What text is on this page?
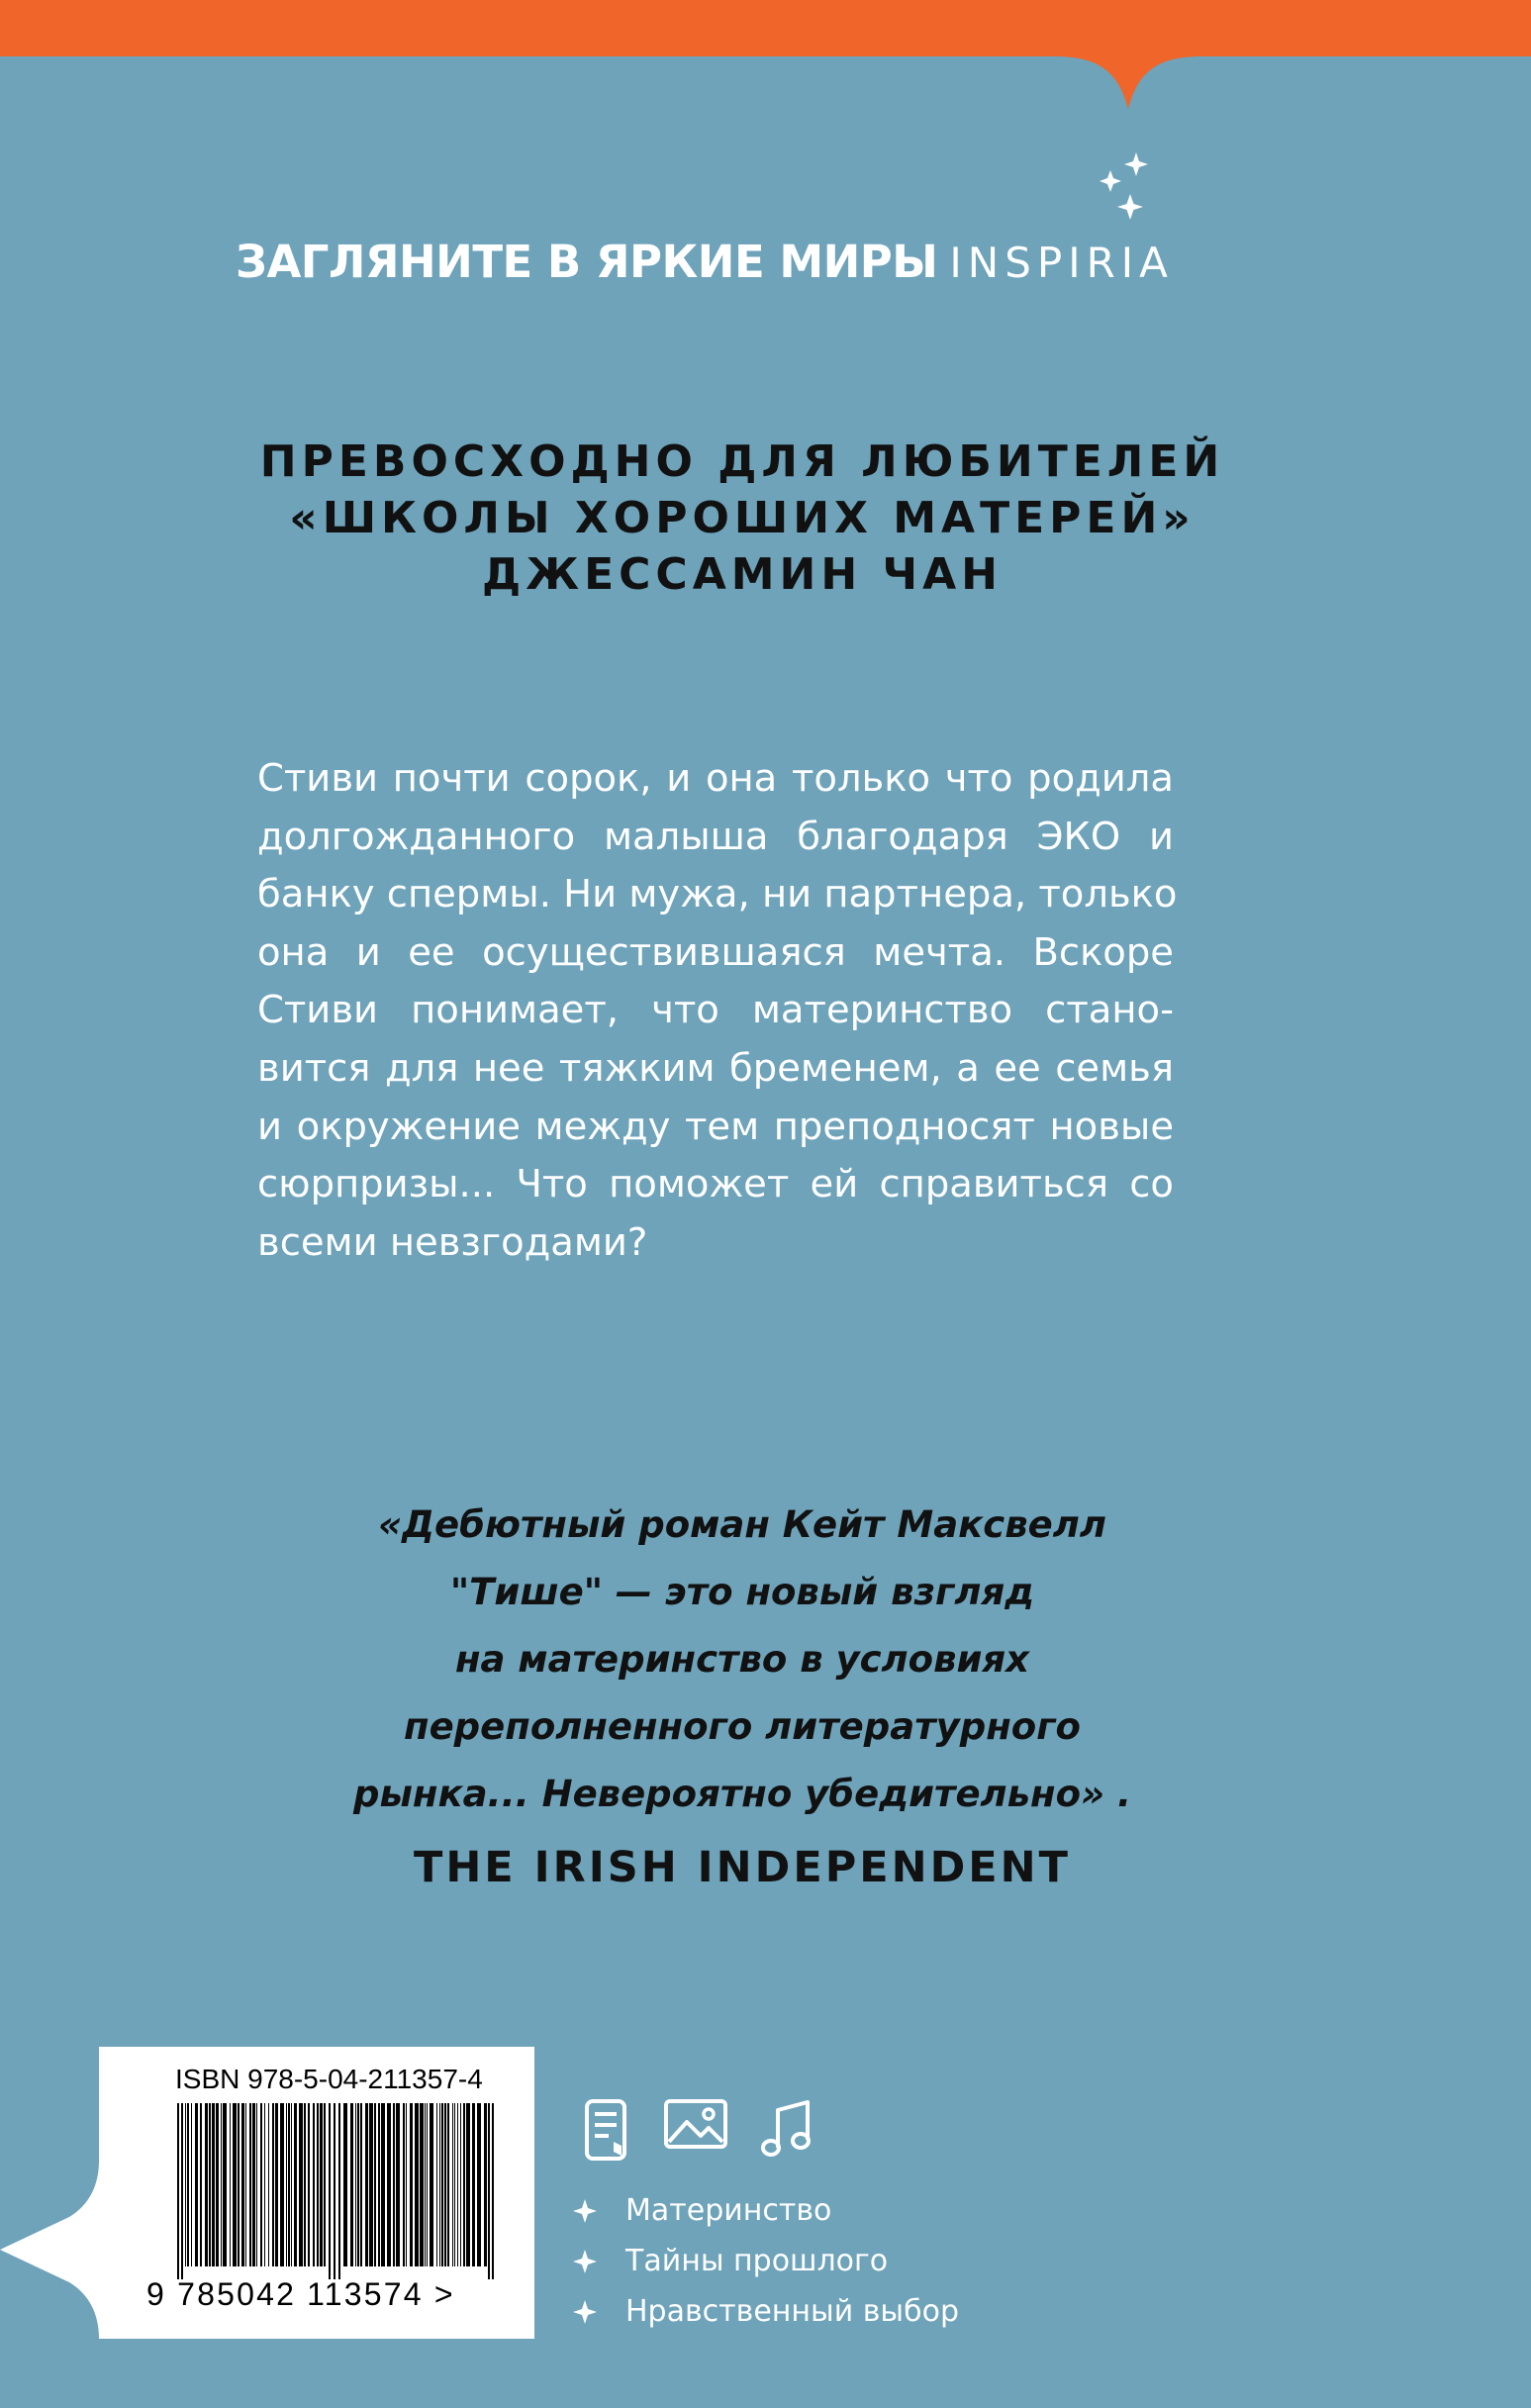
ЗАГЛЯНИТЕ В ЯРКИЕ МИРЫ INSPIRIA
ПРЕВОСХОДНО ДЛЯ ЛЮБИТЕЛЕЙ
«ШКОЛЫ ХОРОШИХ МАТЕРЕЙ»
ДЖЕССАМИН ЧАН
Стиви почти сорок, и она только что родила
долгожданного малыша благодаря ЭКО и
банку спермы. Ни мужа, ни партнера, только
она и ее осуществившаяся мечта. Вскоре
Стиви понимает, что материнство стано-
вится для нее тяжким бременем, а ее семья
и окружение между тем преподносят новые
сюрпризы... Что поможет ей справиться со
всеми невзгодами?
«Дебютный роман Кейт Максвелл
"Тише" — это новый взгляд
на материнство в условиях
переполненного литературного
рынка... Невероятно убедительно» .
THE IRISH INDEPENDENT
ISBN 978-5-04-211357-4
9 785042 113574 >
Материнство
Тайны прошлого
Нравственный выбор
